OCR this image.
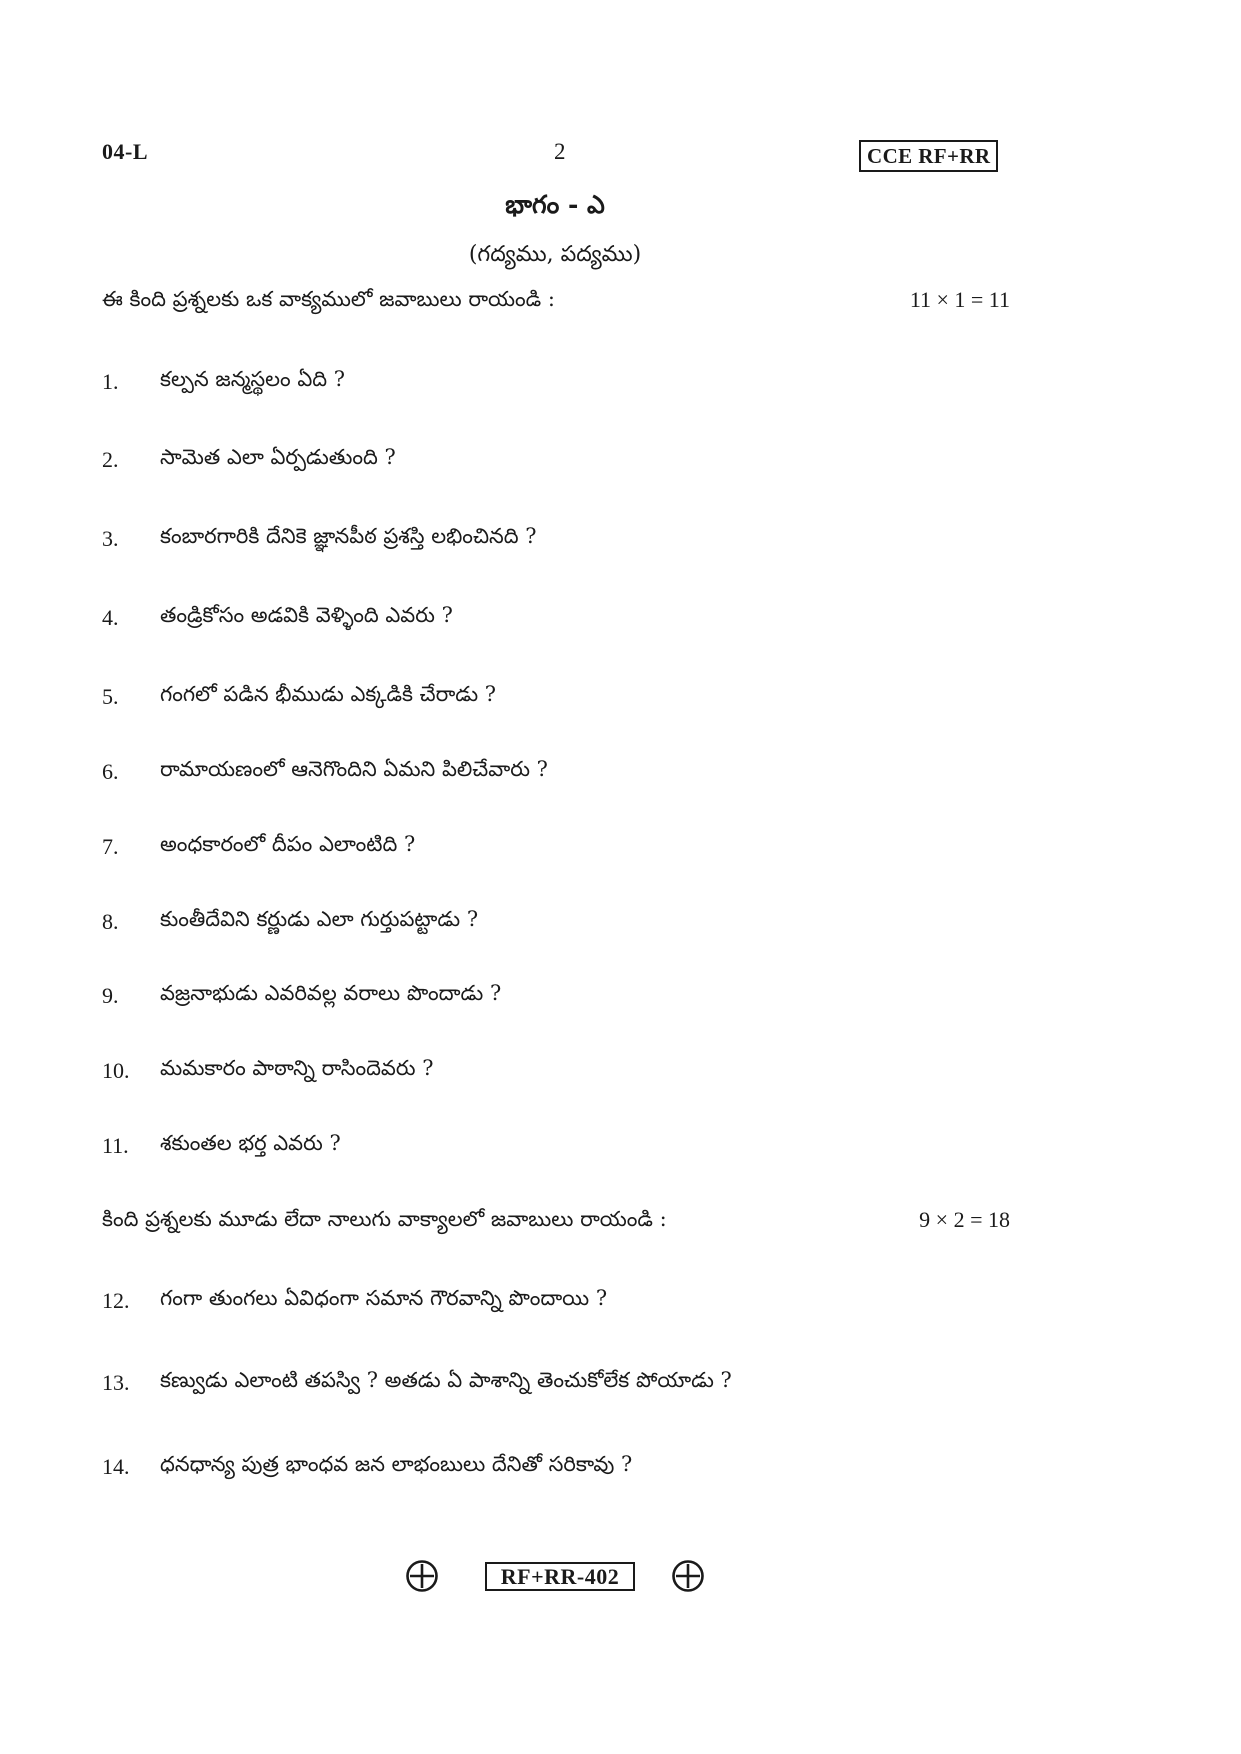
04-L	2	CCE RF+RR
భాగం - ఎ
(గద్యము, పద్యము)
ఈ కింది ప్రశ్నలకు ఒక వాక్యములో జవాబులు రాయండి :	11 × 1 = 11
1.	కల్పన జన్మస్థలం ఏది ?
2.	సామెత ఎలా ఏర్పడుతుంది ?
3.	కంబారగారికి దేనికె జ్ఞానపీఠ ప్రశస్తి లభించినది ?
4.	తండ్రికోసం అడవికి వెళ్ళింది ఎవరు ?
5.	గంగలో పడిన భీముడు ఎక్కడికి చేరాడు ?
6.	రామాయణంలో ఆనెగొందిని ఏమని పిలిచేవారు ?
7.	అంధకారంలో దీపం ఎలాంటిది ?
8.	కుంతీదేవిని కర్ణుడు ఎలా గుర్తుపట్టాడు ?
9.	వజ్రనాభుడు ఎవరివల్ల వరాలు పొందాడు ?
10.	మమకారం పాఠాన్ని రాసిందెవరు ?
11.	శకుంతల భర్త ఎవరు ?
కింది ప్రశ్నలకు మూడు లేదా నాలుగు వాక్యాలలో జవాబులు రాయండి :	9 × 2 = 18
12.	గంగా తుంగలు ఏవిధంగా సమాన గౌరవాన్ని పొందాయి ?
13.	కణ్వుడు ఎలాంటి తపస్వి ? అతడు ఏ పాశాన్ని తెంచుకోలేక పోయాడు ?
14.	ధనధాన్య పుత్ర భాంధవ జన లాభంబులు దేనితో సరికావు ?
RF+RR-402
